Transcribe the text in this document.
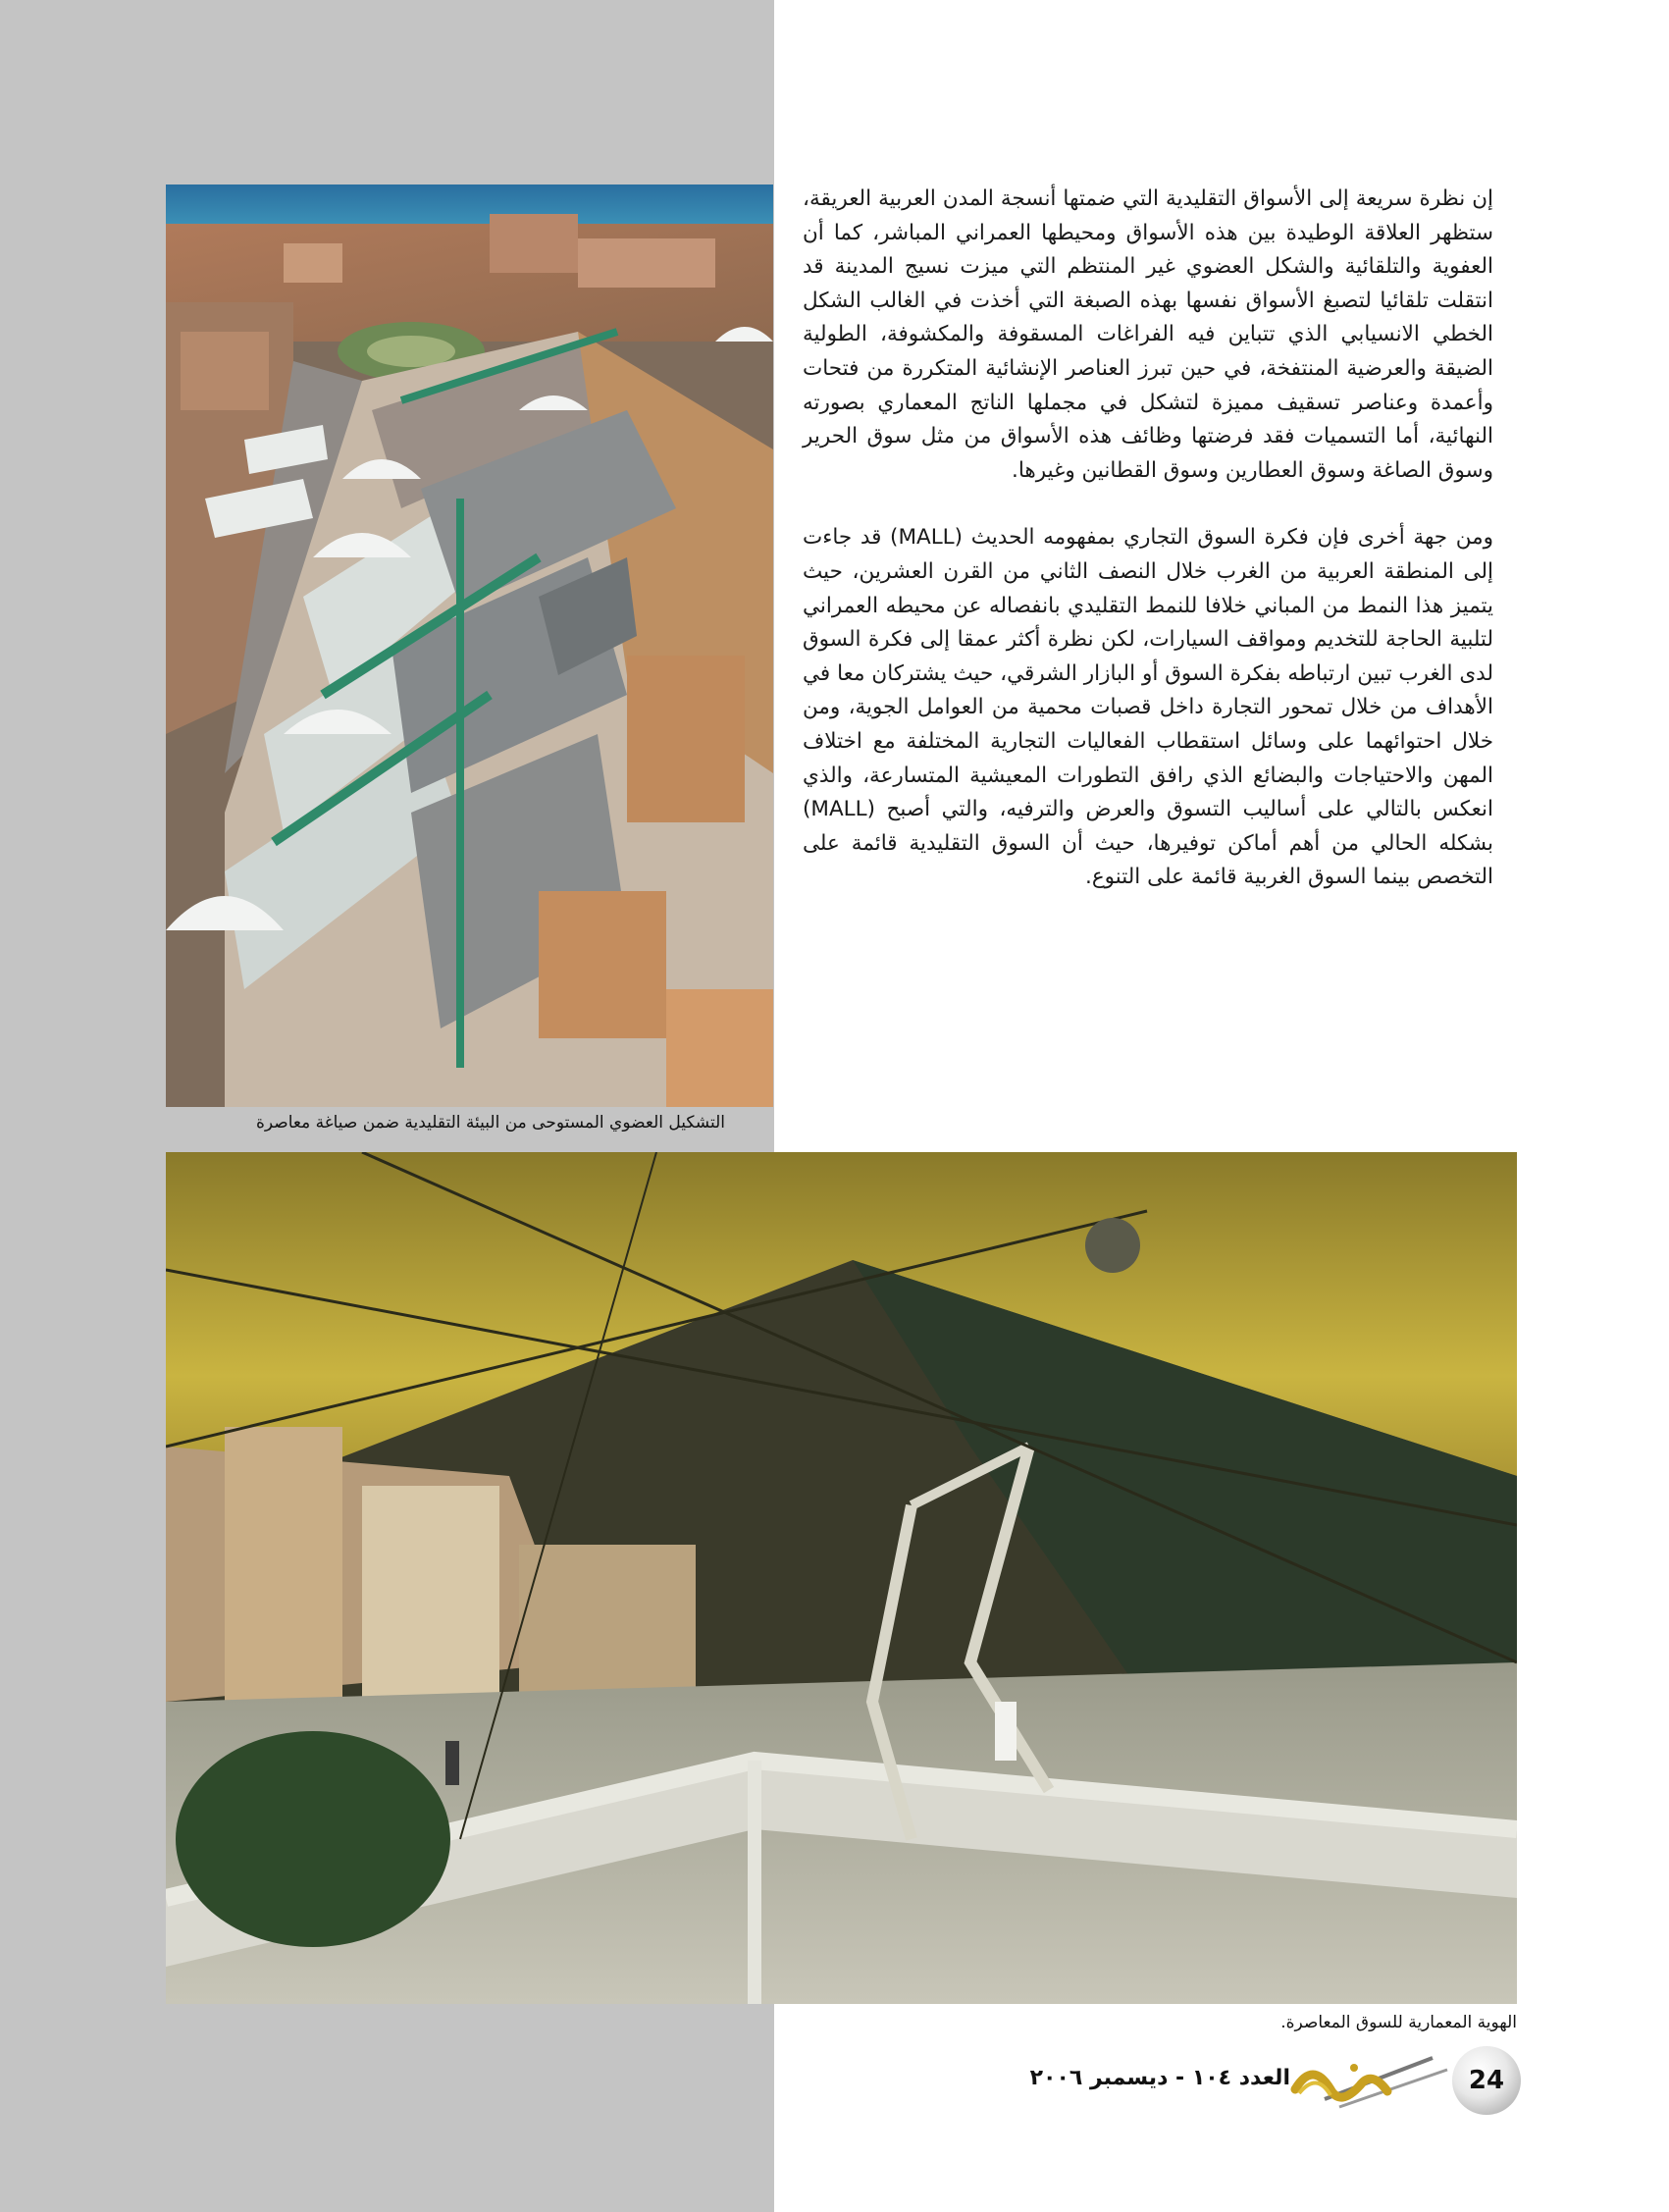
التشكيل العضوي المستوحى من البيئة التقليدية ضمن صياغة معاصرة

إن نظرة سريعة إلى الأسواق التقليدية التي ضمتها أنسجة المدن العربية العريقة، ستظهر العلاقة الوطيدة بين هذه الأسواق ومحيطها العمراني المباشر، كما أن العفوية والتلقائية والشكل العضوي غير المنتظم التي ميزت نسيج المدينة قد انتقلت تلقائيا لتصبغ الأسواق نفسها بهذه الصبغة التي أخذت في الغالب الشكل الخطي الانسيابي الذي تتباين فيه الفراغات المسقوفة والمكشوفة، الطولية الضيقة والعرضية المنتفخة، في حين تبرز العناصر الإنشائية المتكررة من فتحات وأعمدة وعناصر تسقيف مميزة لتشكل في مجملها الناتج المعماري بصورته النهائية، أما التسميات فقد فرضتها وظائف هذه الأسواق من مثل سوق الحرير وسوق الصاغة وسوق العطارين وسوق القطانين وغيرها.

ومن جهة أخرى فإن فكرة السوق التجاري بمفهومه الحديث (MALL) قد جاءت إلى المنطقة العربية من الغرب خلال النصف الثاني من القرن العشرين، حيث يتميز هذا النمط من المباني خلافا للنمط التقليدي بانفصاله عن محيطه العمراني لتلبية الحاجة للتخديم ومواقف السيارات، لكن نظرة أكثر عمقا إلى فكرة السوق لدى الغرب تبين ارتباطه بفكرة السوق أو البازار الشرقي، حيث يشتركان معا في الأهداف من خلال تمحور التجارة داخل قصبات محمية من العوامل الجوية، ومن خلال احتوائهما على وسائل استقطاب الفعاليات التجارية المختلفة مع اختلاف المهن والاحتياجات والبضائع الذي رافق التطورات المعيشية المتسارعة، والذي انعكس بالتالي على أساليب التسوق والعرض والترفيه، والتي أصبح (MALL) بشكله الحالي من أهم أماكن توفيرها، حيث أن السوق التقليدية قائمة على التخصص بينما السوق الغربية قائمة على التنوع.

الهوية المعمارية للسوق المعاصرة.
العدد ١٠٤ - ديسمبر ٢٠٠٦	24
